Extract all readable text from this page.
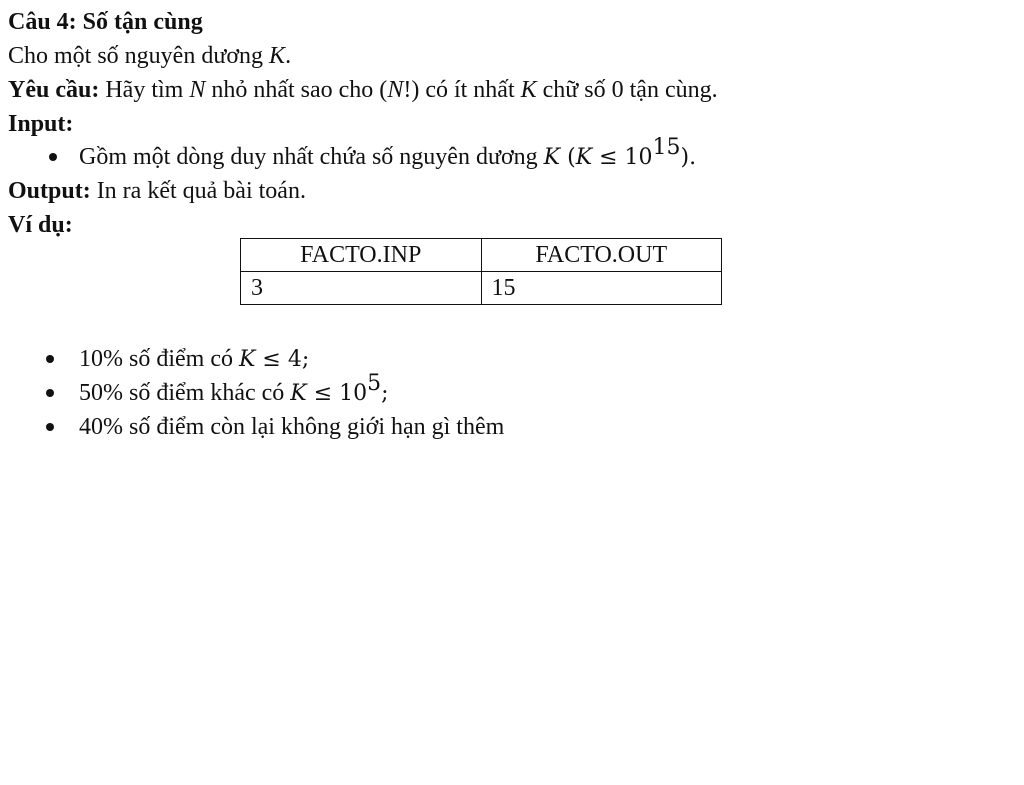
Câu 4: Số tận cùng
Cho một số nguyên dương K.
Yêu cầu: Hãy tìm N nhỏ nhất sao cho (N!) có ít nhất K chữ số 0 tận cùng.
Input:
Gồm một dòng duy nhất chứa số nguyên dương K $(K \le 10^{15})$.
Output: In ra kết quả bài toán.
Ví dụ:
FACTO.INP	FACTO.OUT
3	15
10% số điểm có K ≤ 4;
50% số điểm khác có $K \le 10^5$;
40% số điểm còn lại không giới hạn gì thêm
